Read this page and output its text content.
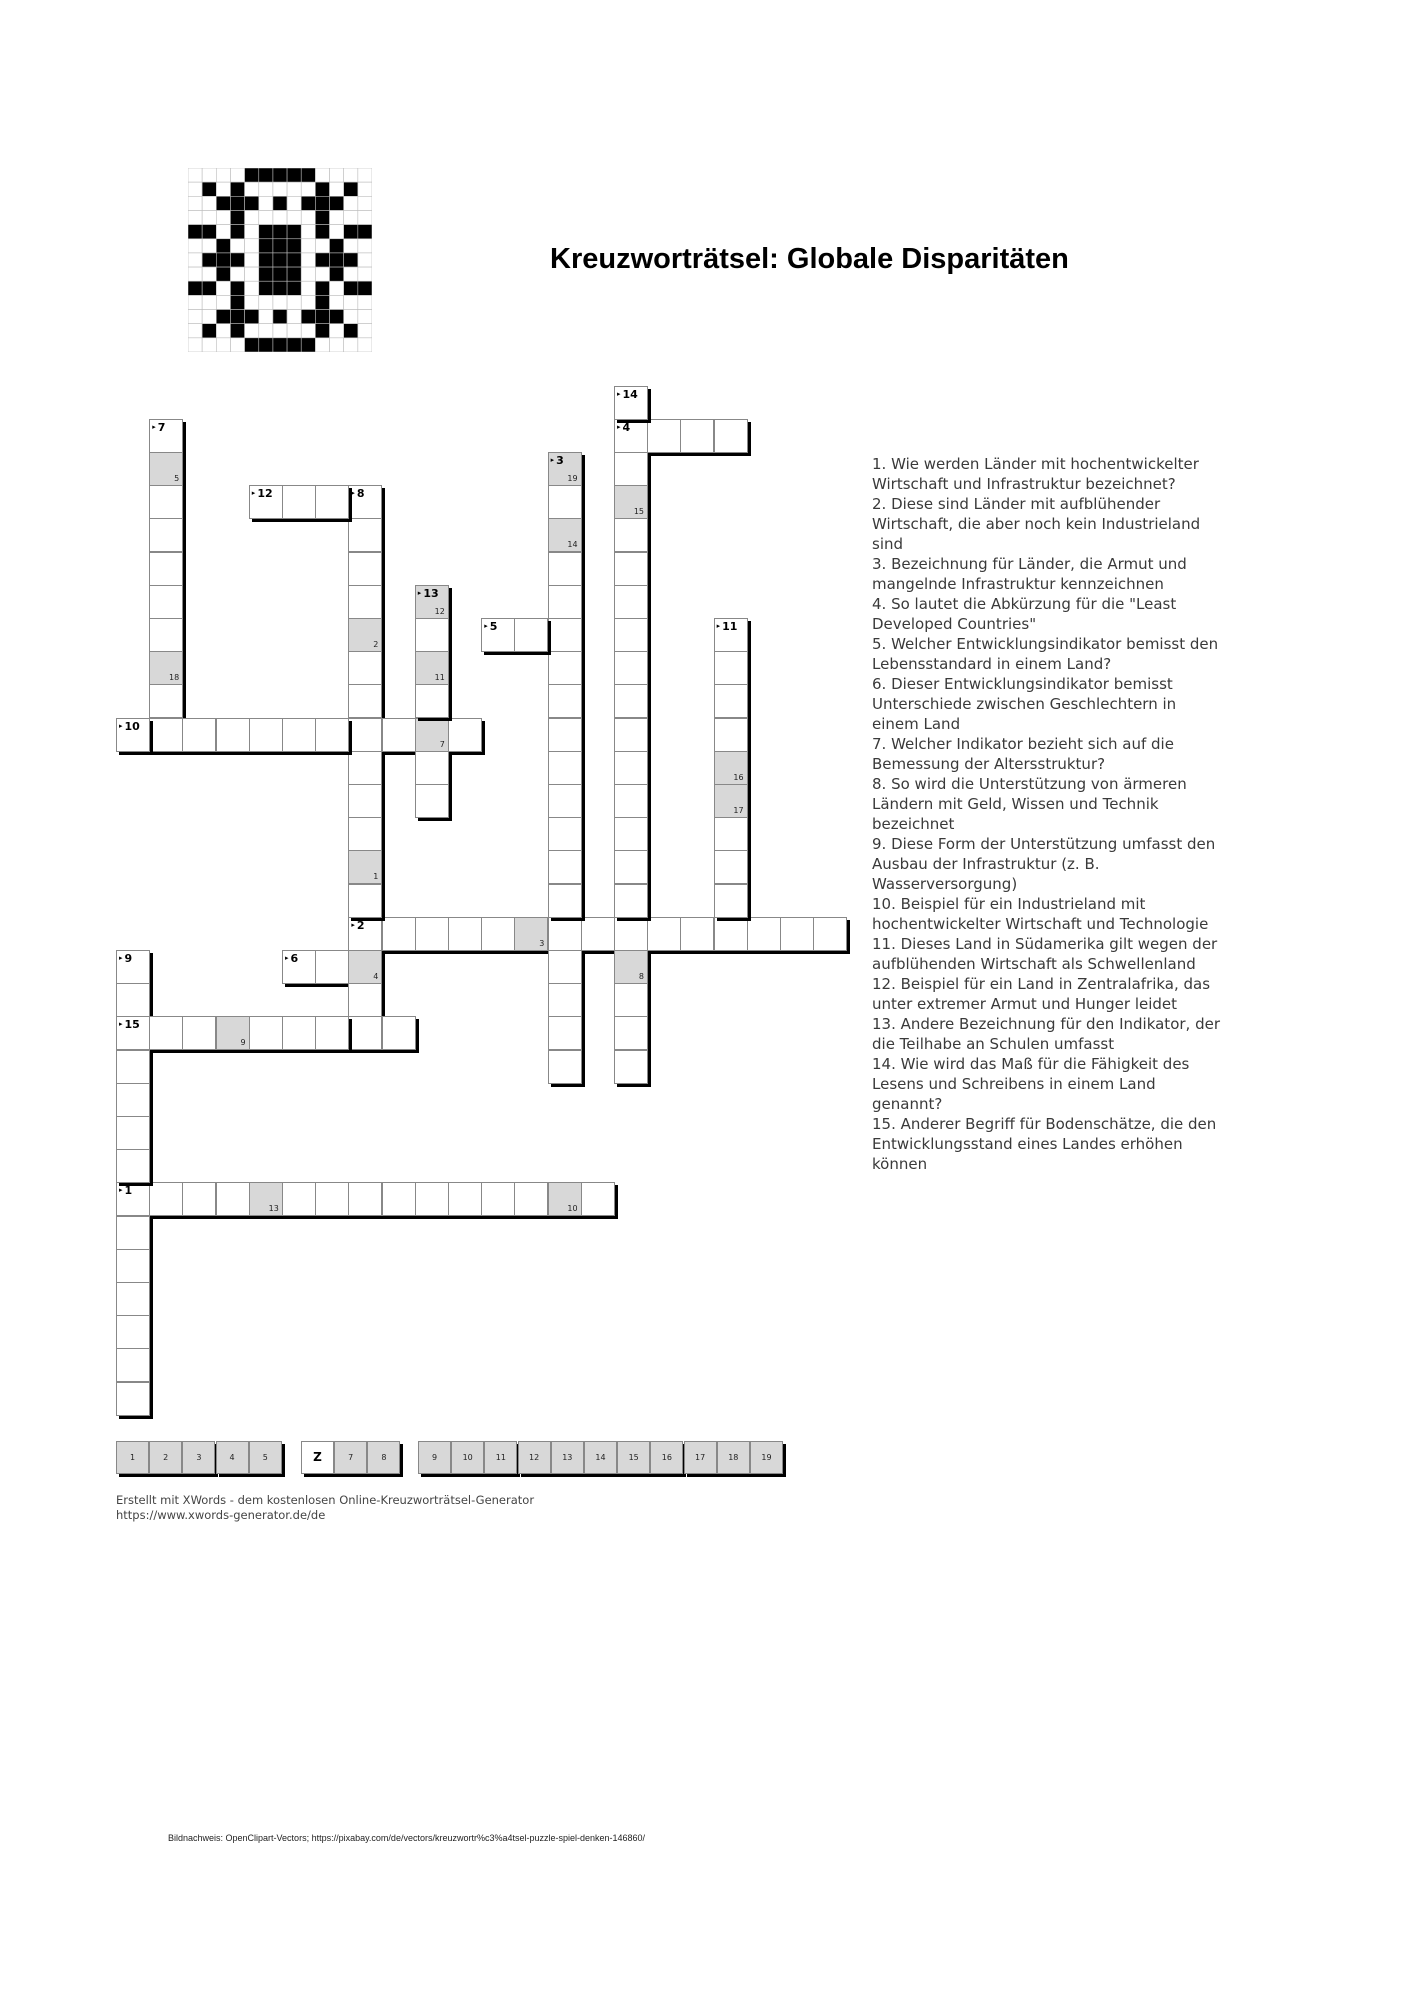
Kreuzworträtsel: Globale Disparitäten
▸ 1
13	10
▸ 2
3
▸ 3
19
14
▸ 4
▸ 5
▸ 6
4
▸ 7
5
18
▸ 8
2
1
▸ 9
▸ 15
▸ 10
7
▸ 11
16
17
▸ 12
▸ 13
12
11
▸ 14
15
8
9
1. Wie werden Länder mit hochentwickelter
Wirtschaft und Infrastruktur bezeichnet?
2. Diese sind Länder mit aufblühender
Wirtschaft, die aber noch kein Industrieland
sind
3. Bezeichnung für Länder, die Armut und
mangelnde Infrastruktur kennzeichnen
4. So lautet die Abkürzung für die "Least
Developed Countries"
5. Welcher Entwicklungsindikator bemisst den
Lebensstandard in einem Land?
6. Dieser Entwicklungsindikator bemisst
Unterschiede zwischen Geschlechtern in
einem Land
7. Welcher Indikator bezieht sich auf die
Bemessung der Altersstruktur?
8. So wird die Unterstützung von ärmeren
Ländern mit Geld, Wissen und Technik
bezeichnet
9. Diese Form der Unterstützung umfasst den
Ausbau der Infrastruktur (z. B.
Wasserversorgung)
10. Beispiel für ein Industrieland mit
hochentwickelter Wirtschaft und Technologie
11. Dieses Land in Südamerika gilt wegen der
aufblühenden Wirtschaft als Schwellenland
12. Beispiel für ein Land in Zentralafrika, das
unter extremer Armut und Hunger leidet
13. Andere Bezeichnung für den Indikator, der
die Teilhabe an Schulen umfasst
14. Wie wird das Maß für die Fähigkeit des
Lesens und Schreibens in einem Land
genannt?
15. Anderer Begriff für Bodenschätze, die den
Entwicklungsstand eines Landes erhöhen
können
1	2	3	4	5	Z	7	8	9	10	11	12	13	14	15	16	17	18	19
Erstellt mit XWords - dem kostenlosen Online-Kreuzworträtsel-Generator
https://www.xwords-generator.de/de
Bildnachweis: OpenClipart-Vectors; https://pixabay.com/de/vectors/kreuzwortr%c3%a4tsel-puzzle-spiel-denken-146860/
